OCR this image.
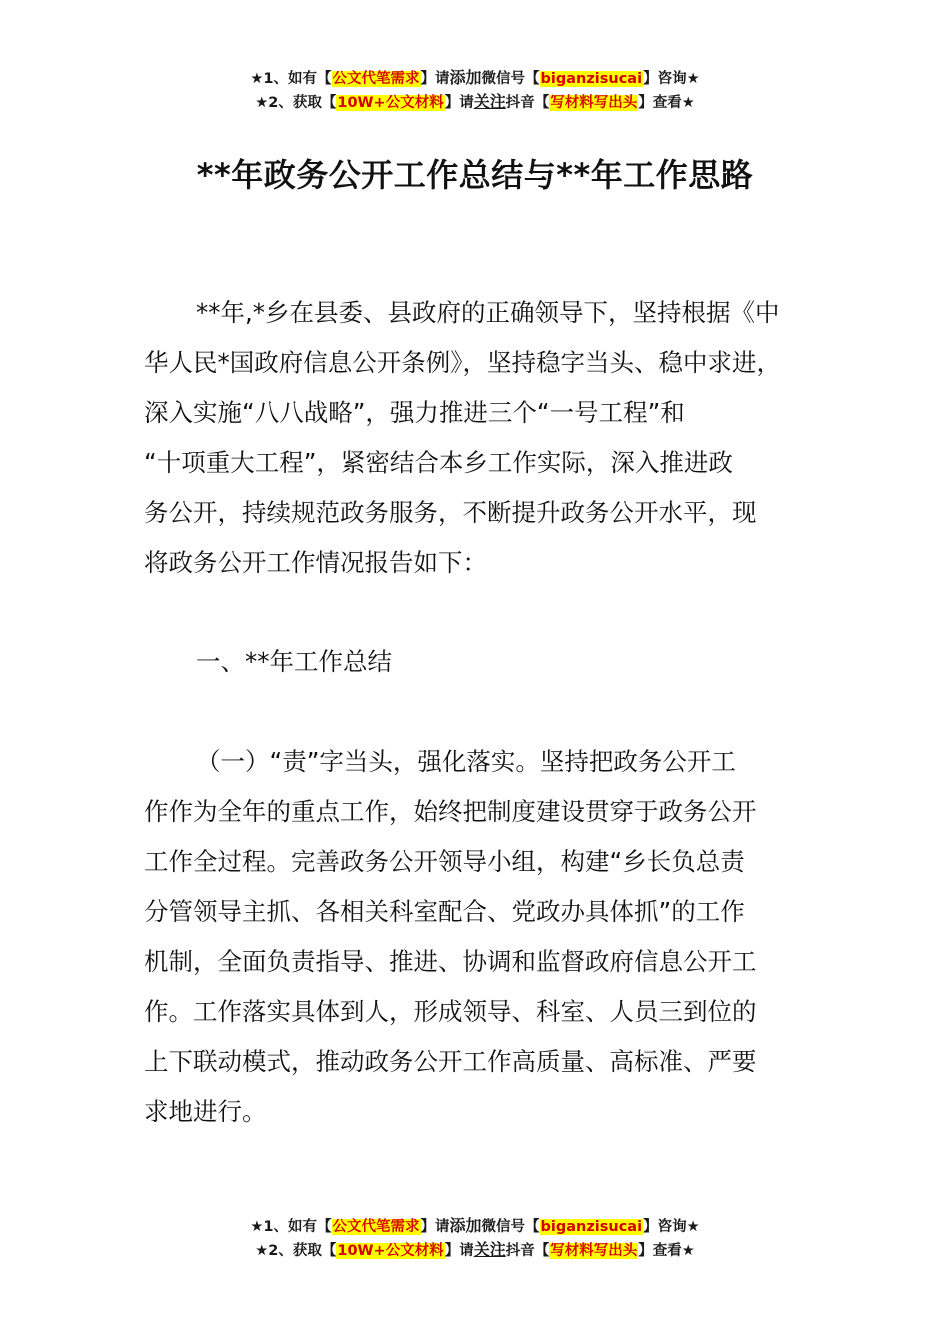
★1、如有【公文代笔需求】请添加微信号【biganzisucai】咨询★
★2、获取【10W+公文材料】请关注抖音【写材料写出头】查看★
**年政务公开工作总结与**年工作思路
**年,*乡在县委、县政府的正确领导下，坚持根据《中
华人民*国政府信息公开条例》，坚持稳字当头、稳中求进，
深入实施“八八战略”，强力推进三个“一号工程”和
“十项重大工程”，紧密结合本乡工作实际，深入推进政
务公开，持续规范政务服务，不断提升政务公开水平，现
将政务公开工作情况报告如下：
一、**年工作总结
（一）“责”字当头，强化落实。坚持把政务公开工
作作为全年的重点工作，始终把制度建设贯穿于政务公开
工作全过程。完善政务公开领导小组，构建“乡长负总责
分管领导主抓、各相关科室配合、党政办具体抓”的工作
机制，全面负责指导、推进、协调和监督政府信息公开工
作。工作落实具体到人，形成领导、科室、人员三到位的
上下联动模式，推动政务公开工作高质量、高标准、严要
求地进行。
★1、如有【公文代笔需求】请添加微信号【biganzisucai】咨询★
★2、获取【10W+公文材料】请关注抖音【写材料写出头】查看★
